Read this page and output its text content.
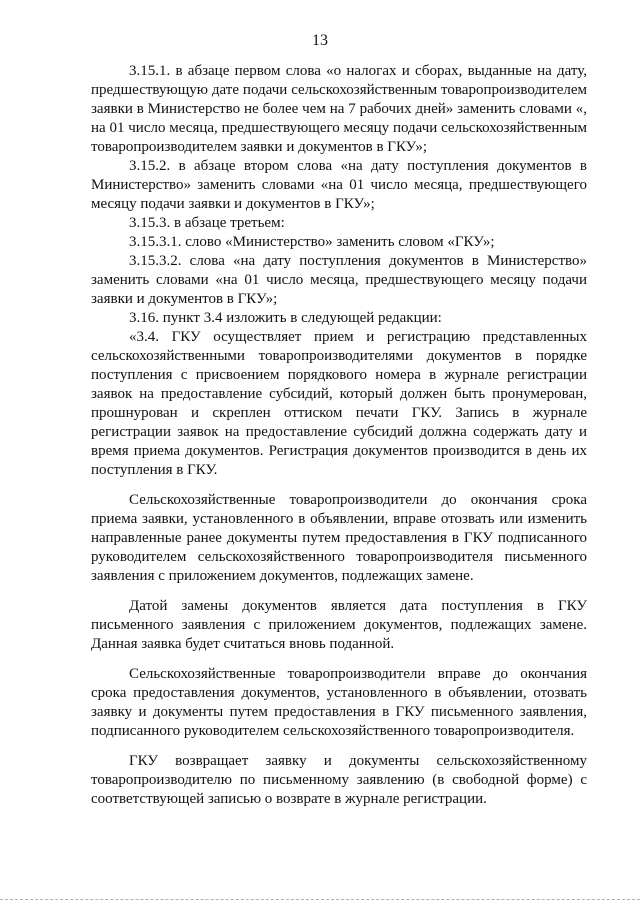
13

3.15.1. в абзаце первом слова «о налогах и сборах, выданные на дату, предшествующую дате подачи сельскохозяйственным товаропроизводителем заявки в Министерство не более чем на 7 рабочих дней» заменить словами «, на 01 число месяца, предшествующего месяцу подачи сельскохозяйственным товаропроизводителем заявки и документов в ГКУ»;

3.15.2. в абзаце втором слова «на дату поступления документов в Министерство» заменить словами «на 01 число месяца, предшествующего месяцу подачи заявки и документов в ГКУ»;

3.15.3. в абзаце третьем:

3.15.3.1. слово «Министерство» заменить словом «ГКУ»;

3.15.3.2. слова «на дату поступления документов в Министерство» заменить словами «на 01 число месяца, предшествующего месяцу подачи заявки и документов в ГКУ»;

3.16. пункт 3.4 изложить в следующей редакции:

«3.4. ГКУ осуществляет прием и регистрацию представленных сельскохозяйственными товаропроизводителями документов в порядке поступления с присвоением порядкового номера в журнале регистрации заявок на предоставление субсидий, который должен быть пронумерован, прошнурован и скреплен оттиском печати ГКУ. Запись в журнале регистрации заявок на предоставление субсидий должна содержать дату и время приема документов. Регистрация документов производится в день их поступления в ГКУ.

Сельскохозяйственные товаропроизводители до окончания срока приема заявки, установленного в объявлении, вправе отозвать или изменить направленные ранее документы путем предоставления в ГКУ подписанного руководителем сельскохозяйственного товаропроизводителя письменного заявления с приложением документов, подлежащих замене.

Датой замены документов является дата поступления в ГКУ письменного заявления с приложением документов, подлежащих замене. Данная заявка будет считаться вновь поданной.

Сельскохозяйственные товаропроизводители вправе до окончания срока предоставления документов, установленного в объявлении, отозвать заявку и документы путем предоставления в ГКУ письменного заявления, подписанного руководителем сельскохозяйственного товаропроизводителя.

ГКУ возвращает заявку и документы сельскохозяйственному товаропроизводителю по письменному заявлению (в свободной форме) с соответствующей записью о возврате в журнале регистрации.
